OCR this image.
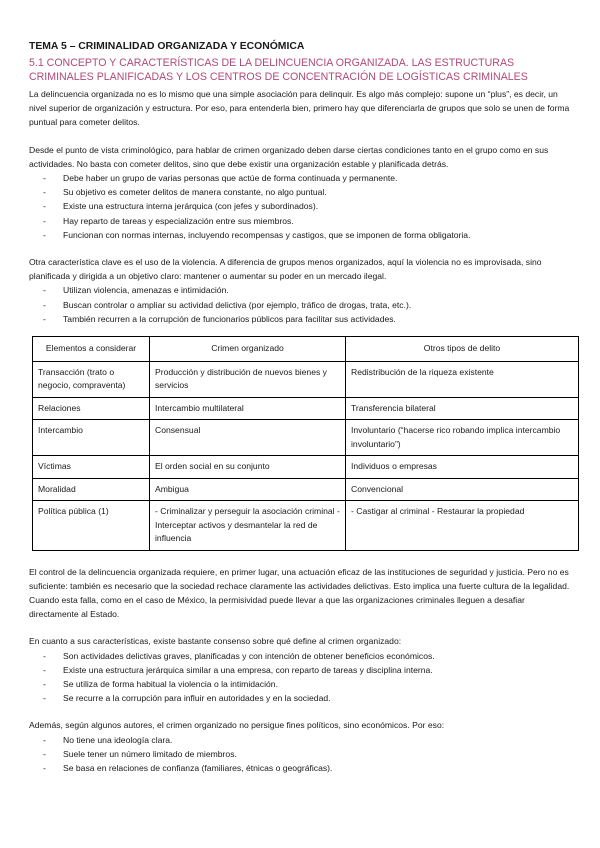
TEMA 5 – CRIMINALIDAD ORGANIZADA Y ECONÓMICA
5.1 CONCEPTO Y CARACTERÍSTICAS DE LA DELINCUENCIA ORGANIZADA. LAS ESTRUCTURAS CRIMINALES PLANIFICADAS Y LOS CENTROS DE CONCENTRACIÓN DE LOGÍSTICAS CRIMINALES

La delincuencia organizada no es lo mismo que una simple asociación para delinquir. Es algo más complejo: supone un “plus”, es decir, un nivel superior de organización y estructura. Por eso, para entenderla bien, primero hay que diferenciarla de grupos que solo se unen de forma puntual para cometer delitos.

Desde el punto de vista criminológico, para hablar de crimen organizado deben darse ciertas condiciones tanto en el grupo como en sus actividades. No basta con cometer delitos, sino que debe existir una organización estable y planificada detrás.

- Debe haber un grupo de varias personas que actúe de forma continuada y permanente.
- Su objetivo es cometer delitos de manera constante, no algo puntual.
- Existe una estructura interna jerárquica (con jefes y subordinados).
- Hay reparto de tareas y especialización entre sus miembros.
- Funcionan con normas internas, incluyendo recompensas y castigos, que se imponen de forma obligatoria.

Otra característica clave es el uso de la violencia. A diferencia de grupos menos organizados, aquí la violencia no es improvisada, sino planificada y dirigida a un objetivo claro: mantener o aumentar su poder en un mercado ilegal.

- Utilizan violencia, amenazas e intimidación.
- Buscan controlar o ampliar su actividad delictiva (por ejemplo, tráfico de drogas, trata, etc.).
- También recurren a la corrupción de funcionarios públicos para facilitar sus actividades.
Elementos a considerar	Crimen organizado	Otros tipos de delito
Transacción (trato o negocio, compraventa)	Producción y distribución de nuevos bienes y servicios	Redistribución de la riqueza existente
Relaciones	Intercambio multilateral	Transferencia bilateral
Intercambio	Consensual	Involuntario (“hacerse rico robando implica intercambio involuntario”)
Víctimas	El orden social en su conjunto	Individuos o empresas
Moralidad	Ambigua	Convencional
Política pública (1)	- Criminalizar y perseguir la asociación criminal - Interceptar activos y desmantelar la red de influencia	- Castigar al criminal - Restaurar la propiedad

El control de la delincuencia organizada requiere, en primer lugar, una actuación eficaz de las instituciones de seguridad y justicia. Pero no es suficiente: también es necesario que la sociedad rechace claramente las actividades delictivas. Esto implica una fuerte cultura de la legalidad. Cuando esta falla, como en el caso de México, la permisividad puede llevar a que las organizaciones criminales lleguen a desafiar directamente al Estado.

En cuanto a sus características, existe bastante consenso sobre qué define al crimen organizado:

- Son actividades delictivas graves, planificadas y con intención de obtener beneficios económicos.
- Existe una estructura jerárquica similar a una empresa, con reparto de tareas y disciplina interna.
- Se utiliza de forma habitual la violencia o la intimidación.
- Se recurre a la corrupción para influir en autoridades y en la sociedad.

Además, según algunos autores, el crimen organizado no persigue fines políticos, sino económicos. Por eso:

- No tiene una ideología clara.
- Suele tener un número limitado de miembros.
- Se basa en relaciones de confianza (familiares, étnicas o geográficas).
